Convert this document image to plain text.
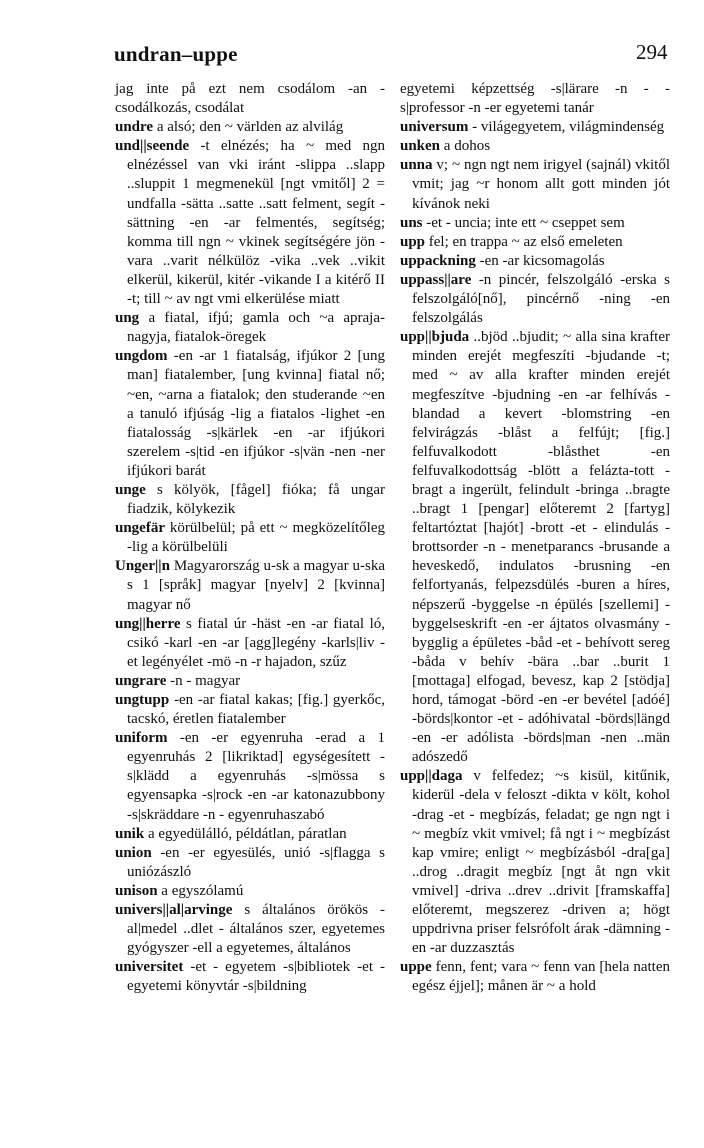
undran–uppe	294

jag inte på ezt nem csodálom -an - csodálkozás, csodálat

undre a alsó; den ~ världen az alvilág

und||seende -t elnézés; ha ~ med ngn elnézéssel van vki iránt -slippa ..slapp ..sluppit 1 megmenekül [ngt vmitől] 2 = undfalla -sätta ..satte ..satt felment, segít -sättning -en -ar felmentés, segítség; komma till ngn ~ vkinek segítségére jön -vara ..varit nélkülöz -vika ..vek ..vikit elkerül, kikerül, kitér -vikande I a kitérő II -t; till ~ av ngt vmi elkerülése miatt

ung a fiatal, ifjú; gamla och ~a apraja-nagyja, fiatalok-öregek

ungdom -en -ar 1 fiatalság, ifjúkor 2 [ung man] fiatalember, [ung kvinna] fiatal nő; ~en, ~arna a fiatalok; den studerande ~en a tanuló ifjúság -lig a fiatalos -lighet -en fiatalosság -s|kärlek -en -ar ifjúkori szerelem -s|tid -en ifjúkor -s|vän -nen -ner ifjúkori barát

unge s kölyök, [fågel] fióka; få ungar fiadzik, kölykezik

ungefär körülbelül; på ett ~ megközelítőleg -lig a körülbelüli

Unger||n Magyarország u-sk a magyar u-ska s 1 [språk] magyar [nyelv] 2 [kvinna] magyar nő

ung||herre s fiatal úr -häst -en -ar fiatal ló, csikó -karl -en -ar [agg]legény -karls|liv -et legényélet -mö -n -r hajadon, szűz

ungrare -n - magyar

ungtupp -en -ar fiatal kakas; [fig.] gyerkőc, tacskó, éretlen fiatalember

uniform -en -er egyenruha -erad a 1 egyenruhás 2 [likriktad] egységesített -s|klädd a egyenruhás -s|mössa s egyensapka -s|rock -en -ar katonazubbony -s|skräddare -n - egyenruhaszabó

unik a egyedülálló, példátlan, páratlan

union -en -er egyesülés, unió -s|flagga s uniózászló

unison a egyszólamú

univers||al|arvinge s általános örökös -al|medel ..dlet - általános szer, egyetemes gyógyszer -ell a egyetemes, általános

universitet -et - egyetem -s|bibliotek -et - egyetemi könyvtár -s|bildning

egyetemi képzettség -s|lärare -n - -s|professor -n -er egyetemi tanár

universum - világegyetem, világmindenség

unken a dohos

unna v; ~ ngn ngt nem irigyel (sajnál) vkitől vmit; jag ~r honom allt gott minden jót kívánok neki

uns -et - uncia; inte ett ~ cseppet sem

upp fel; en trappa ~ az első emeleten

uppackning -en -ar kicsomagolás

uppass||are -n pincér, felszolgáló -erska s felszolgáló[nő], pincérnő -ning -en felszolgálás

upp||bjuda ..bjöd ..bjudit; ~ alla sina krafter minden erejét megfeszíti -bjudande -t; med ~ av alla krafter minden erejét megfeszítve -bjudning -en -ar felhívás -blandad a kevert -blomstring -en felvirágzás -blåst a felfújt; [fig.] felfuvalkodott -blåsthet -en felfuvalkodottság -blött a felázta-tott -bragt a ingerült, felindult -bringa ..bragte ..bragt 1 [pengar] előteremt 2 [fartyg] feltartóztat [hajót] -brott -et - elindulás -brottsorder -n - menetparancs -brusande a heveskedő, indulatos -brusning -en felfortyanás, felpezsdülés -buren a híres, népszerű -byggelse -n épülés [szellemi] -byggelseskrift -en -er ájtatos olvasmány -bygglig a épületes -båd -et - behívott sereg -båda v behív -bära ..bar ..burit 1 [mottaga] elfogad, bevesz, kap 2 [stödja] hord, támogat -börd -en -er bevétel [adóé] -börds|kontor -et - adóhivatal -börds|längd -en -er adólista -börds|man -nen ..män adószedő

upp||daga v felfedez; ~s kisül, kitűnik, kiderül -dela v feloszt -dikta v költ, kohol -drag -et - megbízás, feladat; ge ngn ngt i ~ megbíz vkit vmivel; få ngt i ~ megbízást kap vmire; enligt ~ megbízásból -dra[ga] ..drog ..dragit megbíz [ngt åt ngn vkit vmivel] -driva ..drev ..drivit [framskaffa] előteremt, megszerez -driven a; högt uppdrivna priser felsrófolt árak -dämning -en -ar duzzasztás

uppe fenn, fent; vara ~ fenn van [hela natten egész éjjel]; månen är ~ a hold
